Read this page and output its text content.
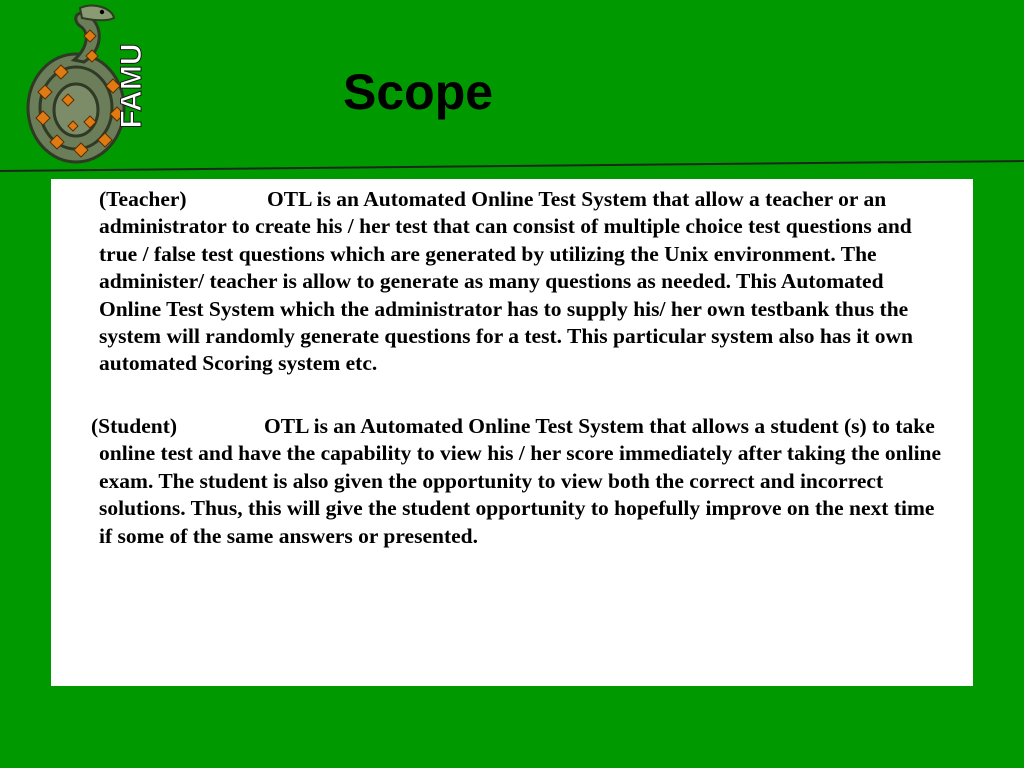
FAMU	Scope

(Teacher)	OTL is an Automated Online Test System that allow a teacher or an administrator to create his / her test that can consist of multiple choice test questions and true / false test questions which are generated by utilizing the Unix environment. The administer/ teacher is allow to generate as many questions as needed. This Automated Online Test System which the administrator has to supply his/ her own testbank thus the system will randomly generate questions for a test. This particular system also has it own automated Scoring system etc.

(Student)	OTL is an Automated Online Test System that allows a student (s) to take online test and have the capability to view his / her score immediately after taking the online exam. The student is also given the opportunity to view both the correct and incorrect solutions. Thus, this will give the student opportunity to hopefully improve on the next time if some of the same answers or presented.
